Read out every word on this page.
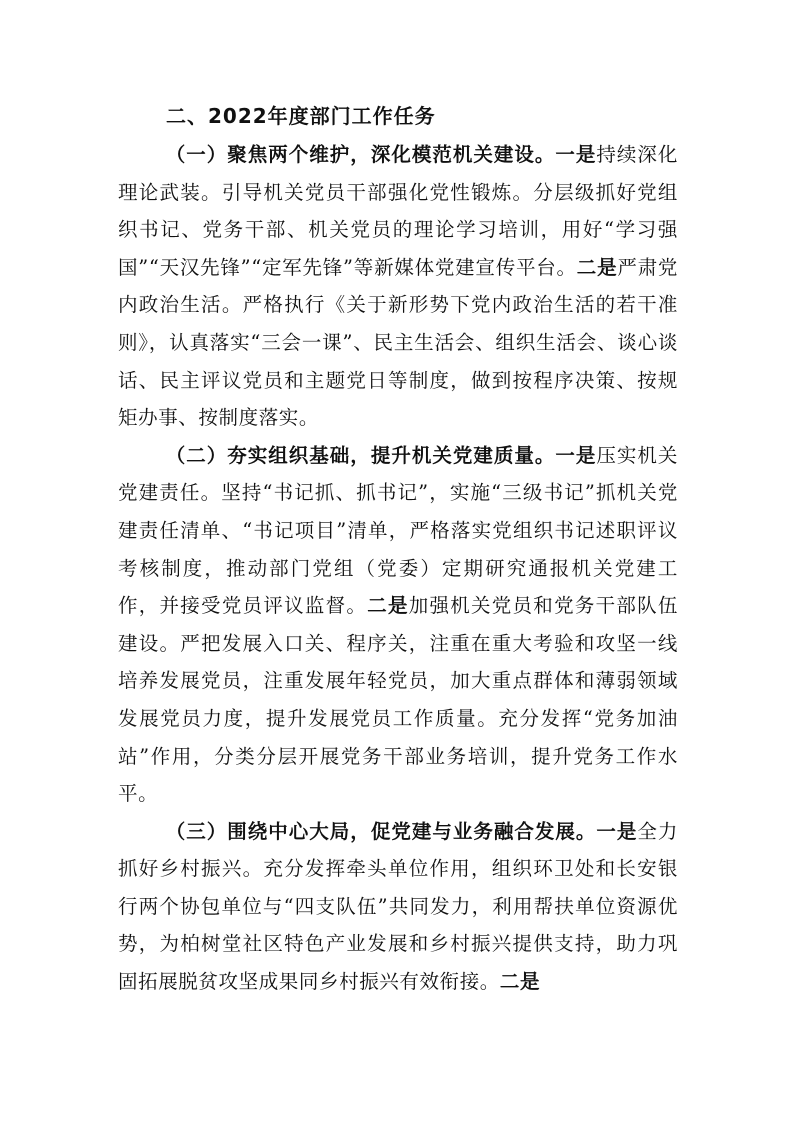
二、2022年度部门工作任务

（一）聚焦两个维护，深化模范机关建设。一是持续深化理论武装。引导机关党员干部强化党性锻炼。分层级抓好党组织书记、党务干部、机关党员的理论学习培训，用好“学习强国”“天汉先锋”“定军先锋”等新媒体党建宣传平台。二是严肃党内政治生活。严格执行《关于新形势下党内政治生活的若干准则》，认真落实“三会一课”、民主生活会、组织生活会、谈心谈话、民主评议党员和主题党日等制度，做到按程序决策、按规矩办事、按制度落实。

（二）夯实组织基础，提升机关党建质量。一是压实机关党建责任。坚持“书记抓、抓书记”，实施“三级书记”抓机关党建责任清单、“书记项目”清单，严格落实党组织书记述职评议考核制度，推动部门党组（党委）定期研究通报机关党建工作，并接受党员评议监督。二是加强机关党员和党务干部队伍建设。严把发展入口关、程序关，注重在重大考验和攻坚一线培养发展党员，注重发展年轻党员，加大重点群体和薄弱领域发展党员力度，提升发展党员工作质量。充分发挥“党务加油站”作用，分类分层开展党务干部业务培训，提升党务工作水平。

（三）围绕中心大局，促党建与业务融合发展。一是全力抓好乡村振兴。充分发挥牵头单位作用，组织环卫处和长安银行两个协包单位与“四支队伍”共同发力，利用帮扶单位资源优势，为柏树堂社区特色产业发展和乡村振兴提供支持，助力巩固拓展脱贫攻坚成果同乡村振兴有效衔接。二是
